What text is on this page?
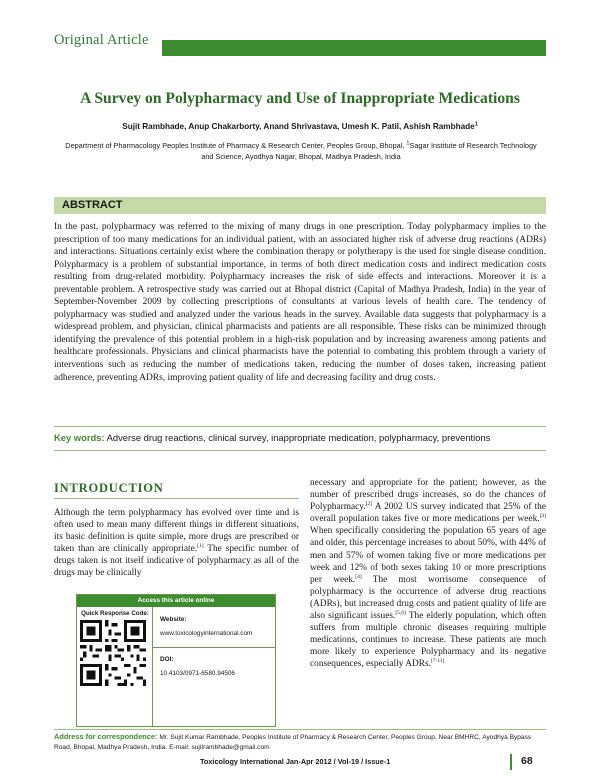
Original Article
A Survey on Polypharmacy and Use of Inappropriate Medications
Sujit Rambhade, Anup Chakarborty, Anand Shrivastava, Umesh K. Patil, Ashish Rambhade$^1$
Department of Pharmacology Peoples Institute of Pharmacy & Research Center, Peoples Group, Bhopal, $^1$Sagar Institute of Research Technology and Science, Ayodhya Nagar, Bhopal, Madhya Pradesh, India
ABSTRACT
In the past, polypharmacy was referred to the mixing of many drugs in one prescription. Today polypharmacy implies to the prescription of too many medications for an individual patient, with an associated higher risk of adverse drug reactions (ADRs) and interactions. Situations certainly exist where the combination therapy or polytherapy is the used for single disease condition. Polypharmacy is a problem of substantial importance, in terms of both direct medication costs and indirect medication costs resulting from drug-related morbidity. Polypharmacy increases the risk of side effects and interactions. Moreover it is a preventable problem. A retrospective study was carried out at Bhopal district (Capital of Madhya Pradesh, India) in the year of September-November 2009 by collecting prescriptions of consultants at various levels of health care. The tendency of polypharmacy was studied and analyzed under the various heads in the survey. Available data suggests that polypharmacy is a widespread problem, and physician, clinical pharmacists and patients are all responsible. These risks can be minimized through identifying the prevalence of this potential problem in a high-risk population and by increasing awareness among patients and healthcare professionals. Physicians and clinical pharmacists have the potential to combating this problem through a variety of interventions such as reducing the number of medications taken, reducing the number of doses taken, increasing patient adherence, preventing ADRs, improving patient quality of life and decreasing facility and drug costs.
Key words: Adverse drug reactions, clinical survey, inappropriate medication, polypharmacy, preventions
INTRODUCTION
Although the term polypharmacy has evolved over time and is often used to mean many different things in different situations, its basic definition is quite simple, more drugs are prescribed or taken than are clinically appropriate.[1] The specific number of drugs taken is not itself indicative of polypharmacy as all of the drugs may be clinically
Access this article online
Quick Response Code:
Website:
www.toxicologyinternational.com
DOI:
10.4103/0971-6580.94506
necessary and appropriate for the patient; however, as the number of prescribed drugs increases, so do the chances of Polypharmacy.[2] A 2002 US survey indicated that 25% of the overall population takes five or more medications per week.[3] When specifically considering the population 65 years of age and older, this percentage increases to about 50%, with 44% of men and 57% of women taking five or more medications per week and 12% of both sexes taking 10 or more prescriptions per week.[4] The most worrisome consequence of polypharmacy is the occurrence of adverse drug reactions (ADRs), but increased drug costs and patient quality of life are also significant issues.[5,6] The elderly population, which often suffers from multiple chronic diseases requiring multiple medications, continues to increase. These patients are much more likely to experience Polypharmacy and its negative consequences, especially ADRs.[7-11]
Address for correspondence: Mr. Sujit Kumar Rambhade, Peoples Institute of Pharmacy & Research Center, Peoples Group, Near BMHRC, Ayodhya Bypass Road, Bhopal, Madhya Pradesh, India. E-mail: sujitrambhade@gmail.com
Toxicology International Jan-Apr 2012 / Vol-19 / Issue-1	68
